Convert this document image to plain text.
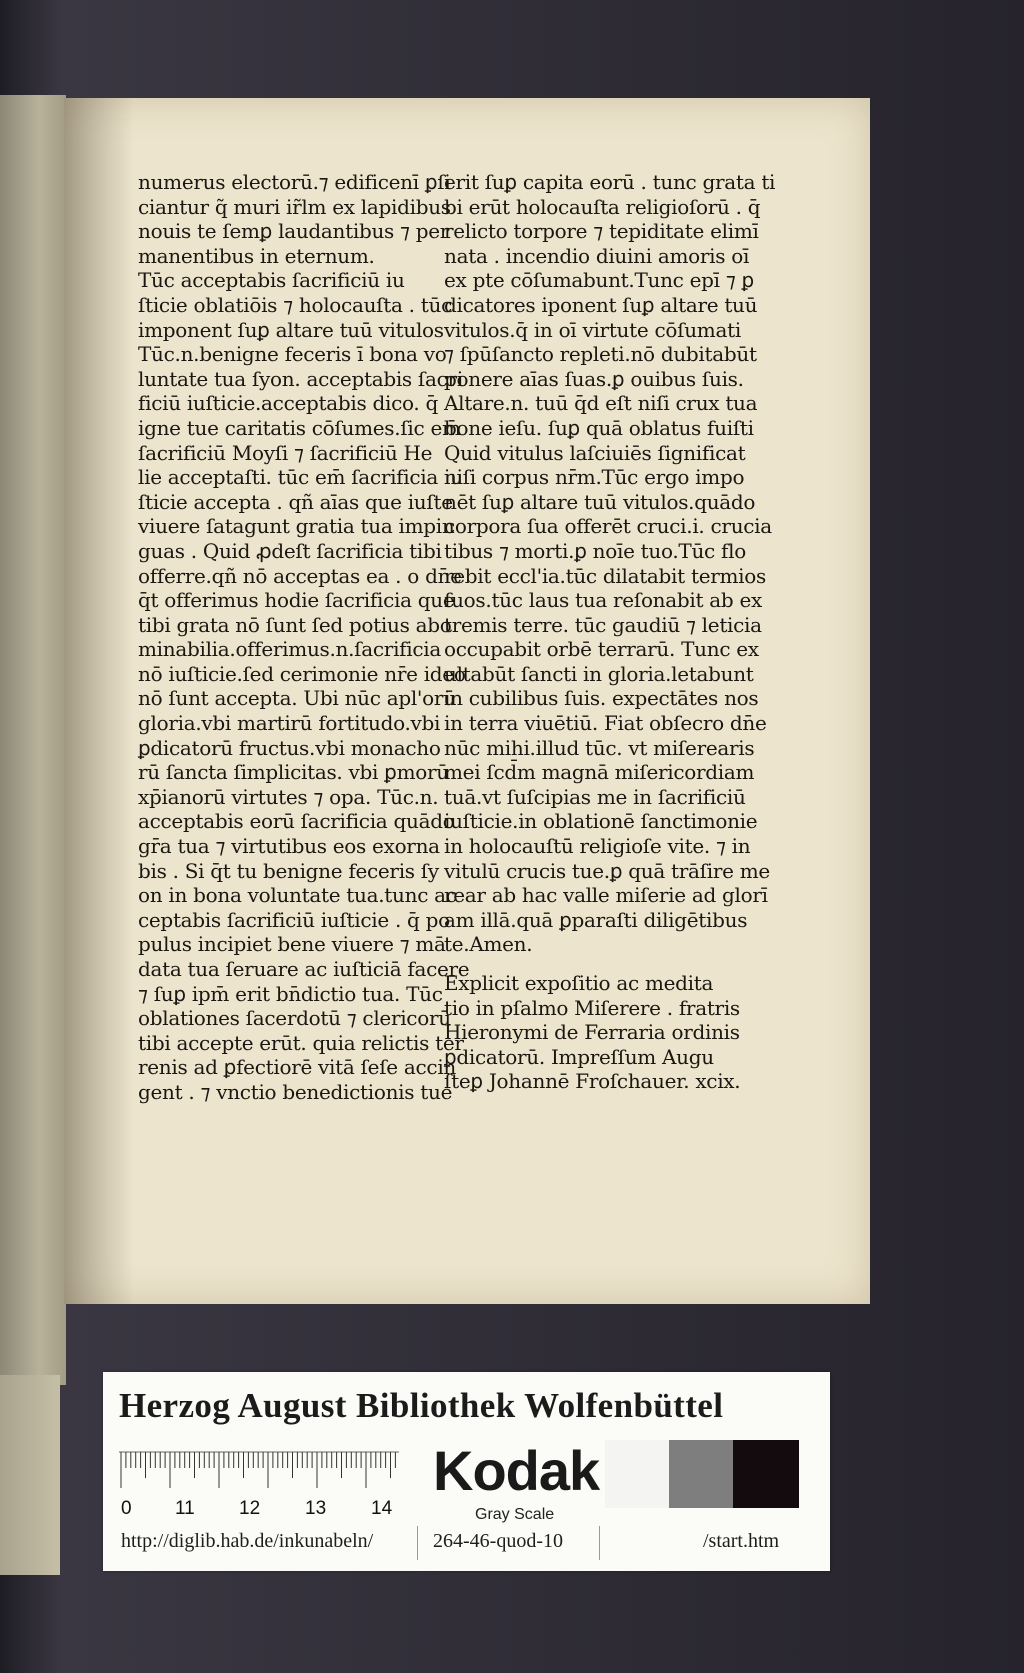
numerus electorū.⁊ edificenī ꝑſi
ciantur q̃ muri ir̃lm ex lapidibus
nouis te ſemꝑ laudantibus ⁊ per
manentibus in eternum.
Tūc acceptabis ſacrificiū iu
ſticie oblatiōis ⁊ holocauſta . tūc
imponent ſuꝑ altare tuū vitulos
Tūc.n.benigne feceris ī bona vo
luntate tua ſyon. acceptabis ſacri
ficiū iuſticie.acceptabis dico. q̄
igne tue caritatis cōſumes.ſic em̄
ſacrificiū Moyſi ⁊ ſacrificiū He
lie acceptaſti. tūc em̄ ſacrificia iu
ſticie accepta . qñ aīas que iuſte
viuere ſatagunt gratia tua impin
guas . Quid ꝓdeſt ſacrificia tibi
offerre.qñ nō acceptas ea . o dn̄e
q̄t offerimus hodie ſacrificia que
tibi grata nō ſunt ſed potius abo
minabilia.offerimus.n.ſacrificia
nō iuſticie.ſed cerimonie nr̄e ideo
nō ſunt accepta. Ubi nūc apl'orū
gloria.vbi martirū fortitudo.vbi
ꝑdicatorū fructus.vbi monacho
rū ſancta ſimplicitas. vbi ꝑmorū
xp̄ianorū virtutes ⁊ opa. Tūc.n.
acceptabis eorū ſacrificia quādo
gr̄a tua ⁊ virtutibus eos exorna
bis . Si q̄t tu benigne feceris ſy
on in bona voluntate tua.tunc ac
ceptabis ſacrificiū iuſticie . q̄ po
pulus incipiet bene viuere ⁊ mā
data tua ſeruare ac iuſticiā facere
⁊ ſuꝑ ipm̄ erit bn̄dictio tua. Tūc
oblationes ſacerdotū ⁊ clericorū
tibi accepte erūt. quia relictis ter
renis ad ꝑfectiorē vitā ſeſe accin
gent . ⁊ vnctio benedictionis tue
erit ſuꝑ capita eorū . tunc grata ti
bi erūt holocauſta religioſorū . q̄
relicto torpore ⁊ tepiditate elimī
nata . incendio diuini amoris oī
ex pte cōſumabunt.Tunc epī ⁊ ꝑ
dicatores iponent ſuꝑ altare tuū
vitulos.q̄ in oī virtute cōſumati
⁊ ſpūſancto repleti.nō dubitabūt
ponere aīas ſuas.ꝑ ouibus ſuis.
Altare.n. tuū q̄d eſt niſi crux tua
bone ieſu. ſuꝑ quā oblatus fuiſti
Quid vitulus laſciuiēs ſignificat
niſi corpus nr̄m.Tūc ergo impo
nēt ſuꝑ altare tuū vitulos.quādo
corpora ſua offerēt cruci.i. crucia
tibus ⁊ morti.ꝑ noīe tuo.Tūc flo
rebit eccl'ia.tūc dilatabit termios
ſuos.tūc laus tua reſonabit ab ex
tremis terre. tūc gaudiū ⁊ leticia
occupabit orbē terrarū. Tunc ex
ultabūt ſancti in gloria.letabunt
in cubilibus ſuis. expectātes nos
in terra viuētiū. Fiat obſecro dn̄e
nūc mihi.illud tūc. vt miſerearis
mei ſcd̄m magnā miſericordiam
tuā.vt ſuſcipias me in ſacrificiū
iuſticie.in oblationē ſanctimonie
in holocauſtū religioſe vite. ⁊ in
vitulū crucis tue.ꝑ quā trāſire me
rear ab hac valle miſerie ad glorī
am illā.quā ꝑparaſti diligētibus
te.Amen.
Explicit expoſitio ac medita
tio in pſalmo Miſerere . fratris
Hieronymi de Ferraria ordinis
ꝑdicatorū. Impreſſum Augu
ſteꝑ Johannē Froſchauer. xcix.
Herzog August Bibliothek Wolfenbüttel
0 11 12 13 14
Kodak
Gray Scale
http://diglib.hab.de/inkunabeln/	264-46-quod-10	/start.htm
